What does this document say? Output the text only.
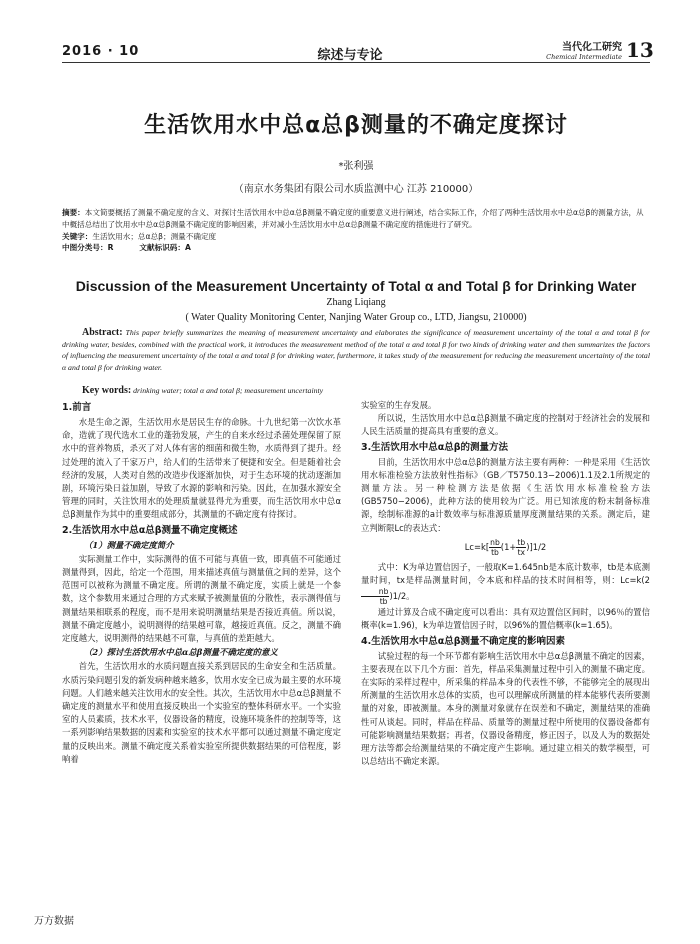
2016 · 10	综述与专论
当代化工研究
Chemical Intermediate 13
生活饮用水中总α总β测量的不确定度探讨
*张利强
（南京水务集团有限公司水质监测中心 江苏 210000）

摘要：本文简要概括了测量不确定度的含义、对探讨生活饮用水中总α总β测量不确定度的重要意义进行阐述，结合实际工作，介绍了两种生活饮用水中总α总β的测量方法，从中概括总结出了饮用水中总α总β测量不确定度的影响因素，并对减小生活饮用水中总α总β测量不确定度的措施进行了研究。

关键字：生活饮用水；总α总β；测量不确定度

中图分类号：R	文献标识码：A

Discussion of the Measurement Uncertainty of Total α and Total β for Drinking Water
Zhang Liqiang
( Water Quality Monitoring Center, Nanjing Water Group co., LTD, Jiangsu, 210000)
Abstract: This paper briefly summarizes the meaning of measurement uncertainty and elaborates the significance of measurement uncertainty of the total α and total β for drinking water, besides, combined with the practical work, it introduces the measurement method of the total α and total β for two kinds of drinking water and then summarizes the factors of influencing the measurement uncertainty of the total α and total β for drinking water, furthermore, it takes study of the measurement for reducing the measurement uncertainty of the total α and total β for drinking water.
Key words: drinking water; total α and total β; measurement uncertainty
1.前言

水是生命之源，生活饮用水是居民生存的命脉。十九世纪第一次饮水革命，造就了现代选水工业的蓬勃发展，产生的自来水经过杀菌处理保留了原水中的营养物质，杀灭了对人体有害的细菌和微生物，水质得到了提升。经过处理的流入了千家万户，给人们的生活带来了便捷和安全。但是随着社会经济的发展，人类对自然的改造步伐逐渐加快，对于生态环境的扰动逐渐加剧，环境污染日益加剧，导致了水源的影响和污染。因此，在加强水源安全管理的同时，关注饮用水的处理质量就显得尤为重要，而生活饮用水中总α总β测量作为其中的重要组成部分，其测量的不确定度有待探讨。

2.生活饮用水中总α总β测量不确定度概述
（1）测量不确定度简介

实际测量工作中，实际测得的值不可能与真值一致，即真值不可能通过测量得到，因此，给定一个范围，用来描述真值与测量值之间的差异，这个范围可以被称为测量不确定度。所谓的测量不确定度，实质上就是一个参数，这个参数用来通过合理的方式来赋予被测量值的分散性，表示测得值与测量结果相联系的程度，而不是用来说明测量结果是否接近真值。所以说，测量不确定度越小，说明测得的结果越可靠，越接近真值。反之，测量不确定度越大，说明测得的结果越不可靠，与真值的差距越大。

（2）探讨生活饮用水中总α总β测量不确定度的意义

首先，生活饮用水的水质问题直接关系到居民的生命安全和生活质量。水质污染问题引发的新发病种越来越多，饮用水安全已成为最主要的水环境问题。人们越来越关注饮用水的安全性。其次，生活饮用水中总α总β测量不确定度的测量水平和使用直接反映出一个实验室的整体科研水平。一个实验室的人员素质，技术水平，仪器设备的精度，设施环境条件的控制等等，这一系列影响结果数据的因素和实验室的技术水平都可以通过测量不确定度定量的反映出来。测量不确定度关系着实验室所提供数据结果的可信程度，影响着

实验室的生存发展。

所以说，生活饮用水中总α总β测量不确定度的控制对于经济社会的发展和人民生活质量的提高具有重要的意义。

3.生活饮用水中总α总β的测量方法

目前，生活饮用水中总α总β的测量方法主要有两种：一种是采用《生活饮用水标准检验方法放射性指标》（GB／T5750.13−2006)1.1及2.1所规定的测量方法。另一种检测方法是依据《生活饮用水标准检验方法(GB5750−2006)，此种方法的使用较为广泛。用已知浓度的粉末制备标准源，绘制标准源的a计数效率与标准源质量厚度测量结果的关系。测定后，建立判断限Lc的表达式：

$Lc=k[ \frac{nb}{tb} (1+ \frac{tb}{tx} )]1/2$

式中：K为单边置信因子，一般取K=1.645nb是本底计数率，tb是本底测量时间，tx是样品测量时间，令本底和样品的技术时间相等，则：Lc=k(2
$\frac{nb}{tb} )1/2$。

通过计算及合成不确定度可以看出：具有双边置信区间时，以96％的置信概率(k=1.96)，k为单边置信因子时，以96%的置信概率(k=1.65)。

4.生活饮用水中总α总β测量不确定度的影响因素

试验过程的每一个环节都有影响生活饮用水中总α总β测量不确定的因素，主要表现在以下几个方面：首先，样品采集测量过程中引入的测量不确定度。在实际的采样过程中，所采集的样品本身的代表性不够，不能够完全的展现出所测量的生活饮用水总体的实质，也可以理解成所测量的样本能够代表所要测量的对象，即被测量。本身的测量对象就存在误差和不确定，测量结果的准确性可从谈起。同时，样品在样品、质量等的测量过程中所使用的仪器设备都有可能影响测量结果数据；再者，仪器设备精度，修正因子，以及人为的数据处理方法等都会给测量结果的不确定度产生影响。通过建立相关的数学模型，可以总结出不确定来源。

万方数据
